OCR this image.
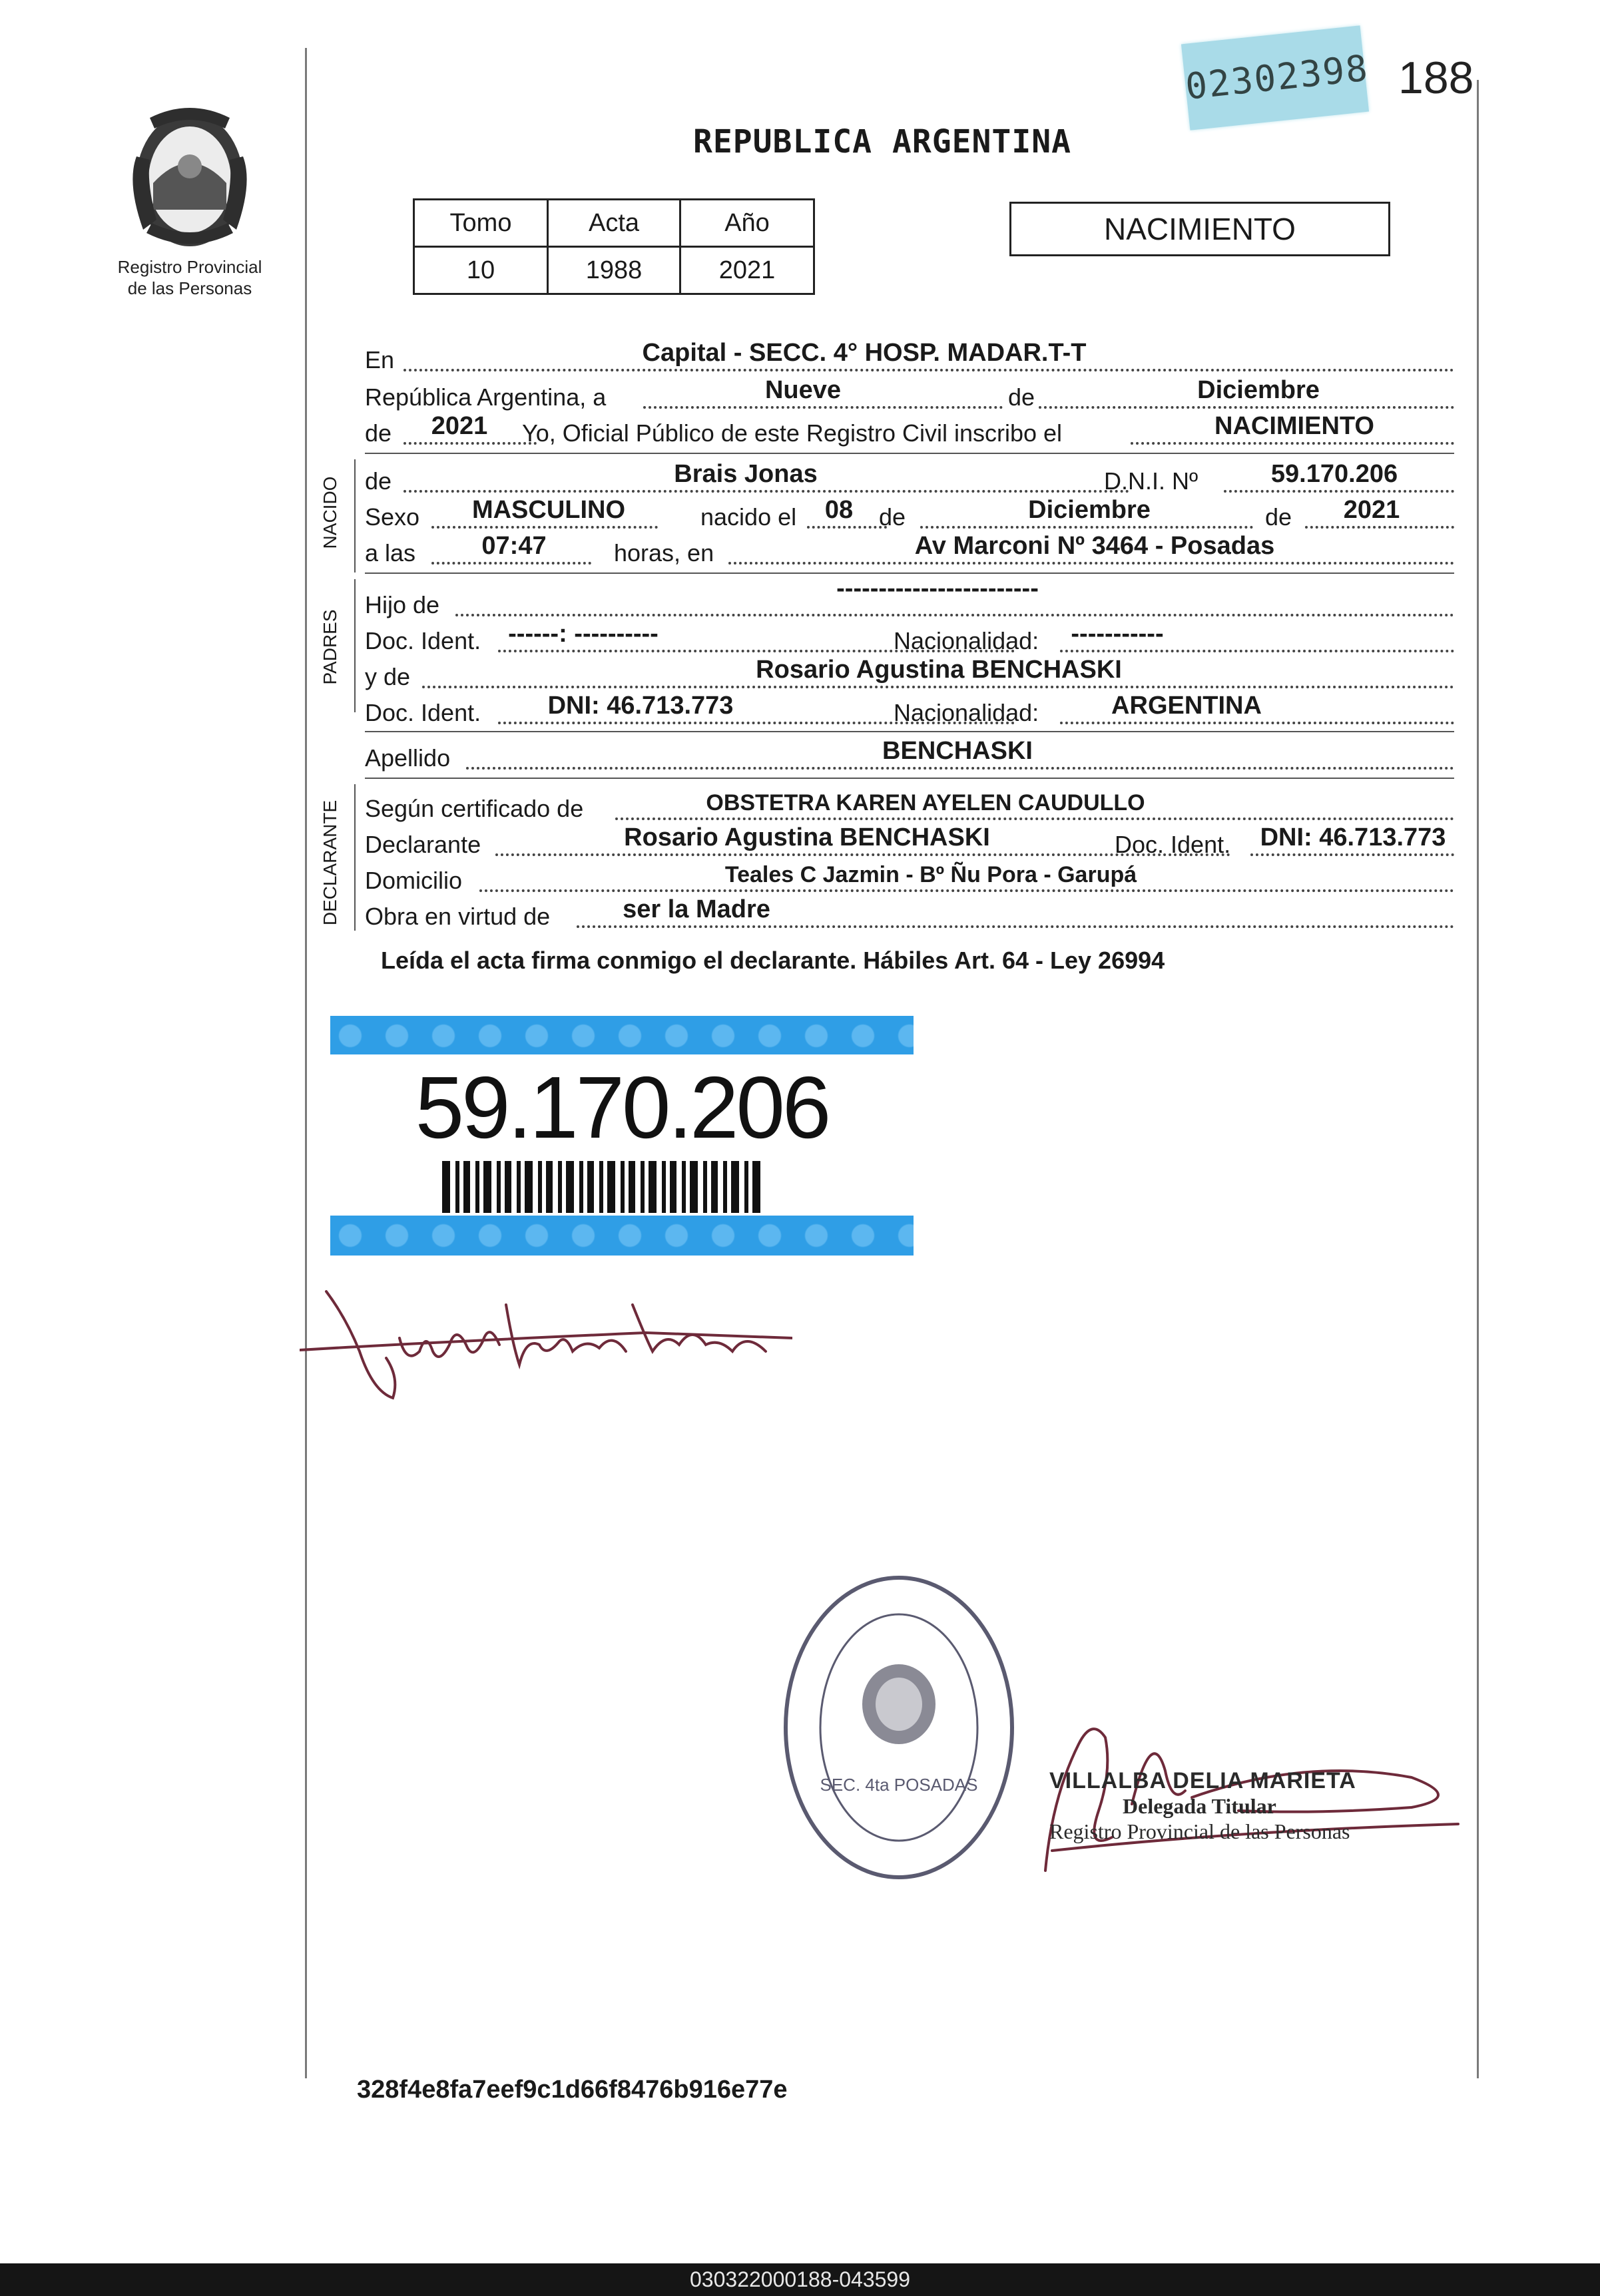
Registro Provincial
de las Personas
REPUBLICA ARGENTINA
02302398 188
Tomo	Acta	Año
10	1988	2021
NACIMIENTO
En	Capital - SECC. 4° HOSP. MADAR.T-T
República Argentina, a	Nueve	de	Diciembre
de 2021 Yo, Oficial Público de este Registro Civil inscribo el	NACIMIENTO
NACIDO de	Brais Jonas	D.N.I. Nº	59.170.206
Sexo MASCULINO	nacido el 08 de	Diciembre	de 2021
a las	07:47	horas, en	Av Marconi Nº 3464 - Posadas
PADRES
Hijo de
------------------------
Doc. Ident. ------: ----------	Nacionalidad: -----------
y de	Rosario Agustina BENCHASKI
Doc. Ident.	DNI: 46.713.773	Nacionalidad:	ARGENTINA
Apellido	BENCHASKI
DECLARANTE Según certificado de	OBSTETRA KAREN AYELEN CAUDULLO
Declarante	Rosario Agustina BENCHASKI	Doc. Ident. DNI: 46.713.773
Domicilio	Teales C Jazmin - Bº Ñu Pora - Garupá
Obra en virtud de	ser la Madre
Leída el acta firma conmigo el declarante. Hábiles Art. 64 - Ley 26994
59.170.206
SEC. 4ta POSADAS	VILLALBA DELIA MARIETA
Delegada Titular
Registro Provincial de las Personas
328f4e8fa7eef9c1d66f8476b916e77e
030322000188-043599
